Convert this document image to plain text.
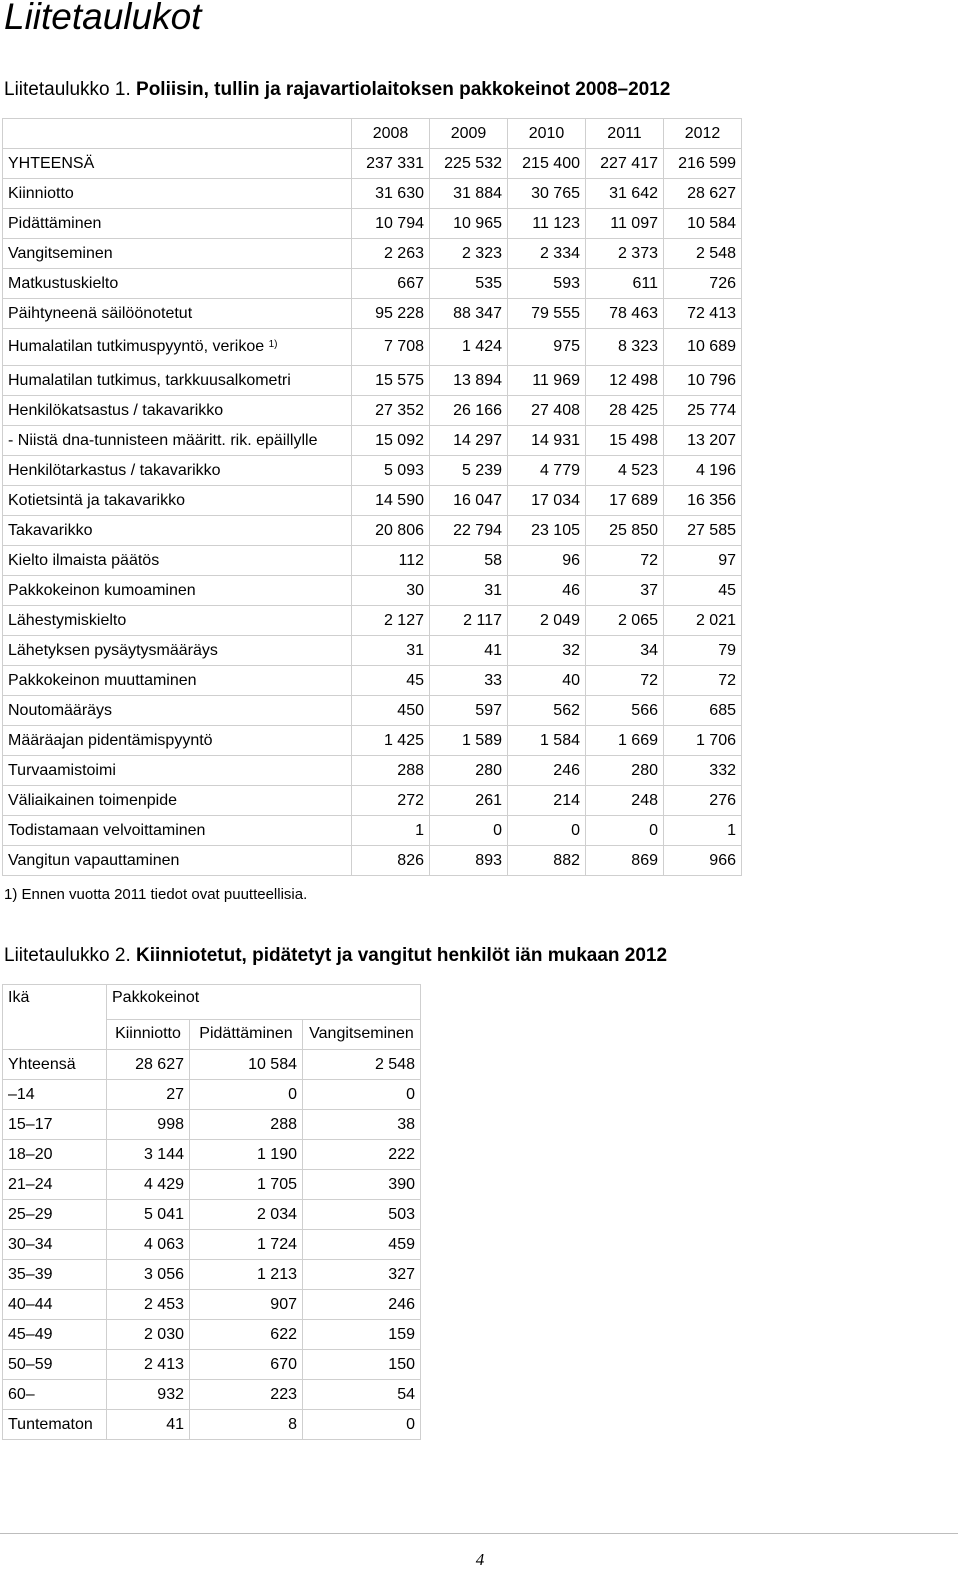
Liitetaulukot
Liitetaulukko 1. Poliisin, tullin ja rajavartiolaitoksen pakkokeinot 2008–2012
	2008	2009	2010	2011	2012
YHTEENSÄ	237 331	225 532	215 400	227 417	216 599
Kiinniotto	31 630	31 884	30 765	31 642	28 627
Pidättäminen	10 794	10 965	11 123	11 097	10 584
Vangitseminen	2 263	2 323	2 334	2 373	2 548
Matkustuskielto	667	535	593	611	726
Päihtyneenä säilöönotetut	95 228	88 347	79 555	78 463	72 413
Humalatilan tutkimuspyyntö, verikoe $^{1)}$	7 708	1 424	975	8 323	10 689
Humalatilan tutkimus, tarkkuusalkometri	15 575	13 894	11 969	12 498	10 796
Henkilökatsastus / takavarikko	27 352	26 166	27 408	28 425	25 774
- Niistä dna-tunnisteen määritt. rik. epäillylle	15 092	14 297	14 931	15 498	13 207
Henkilötarkastus / takavarikko	5 093	5 239	4 779	4 523	4 196
Kotietsintä ja takavarikko	14 590	16 047	17 034	17 689	16 356
Takavarikko	20 806	22 794	23 105	25 850	27 585
Kielto ilmaista päätös	112	58	96	72	97
Pakkokeinon kumoaminen	30	31	46	37	45
Lähestymiskielto	2 127	2 117	2 049	2 065	2 021
Lähetyksen pysäytysmääräys	31	41	32	34	79
Pakkokeinon muuttaminen	45	33	40	72	72
Noutomääräys	450	597	562	566	685
Määräajan pidentämispyyntö	1 425	1 589	1 584	1 669	1 706
Turvaamistoimi	288	280	246	280	332
Väliaikainen toimenpide	272	261	214	248	276
Todistamaan velvoittaminen	1	0	0	0	1
Vangitun vapauttaminen	826	893	882	869	966

1) Ennen vuotta 2011 tiedot ovat puutteellisia.

Liitetaulukko 2. Kiinniotetut, pidätetyt ja vangitut henkilöt iän mukaan 2012
Ikä	Pakkokeinot		
	Kiinniotto	Pidättäminen	Vangitseminen
Yhteensä	28 627	10 584	2 548
–14	27	0	0
15–17	998	288	38
18–20	3 144	1 190	222
21–24	4 429	1 705	390
25–29	5 041	2 034	503
30–34	4 063	1 724	459
35–39	3 056	1 213	327
40–44	2 453	907	246
45–49	2 030	622	159
50–59	2 413	670	150
60–	932	223	54
Tuntematon	41	8	0
4
